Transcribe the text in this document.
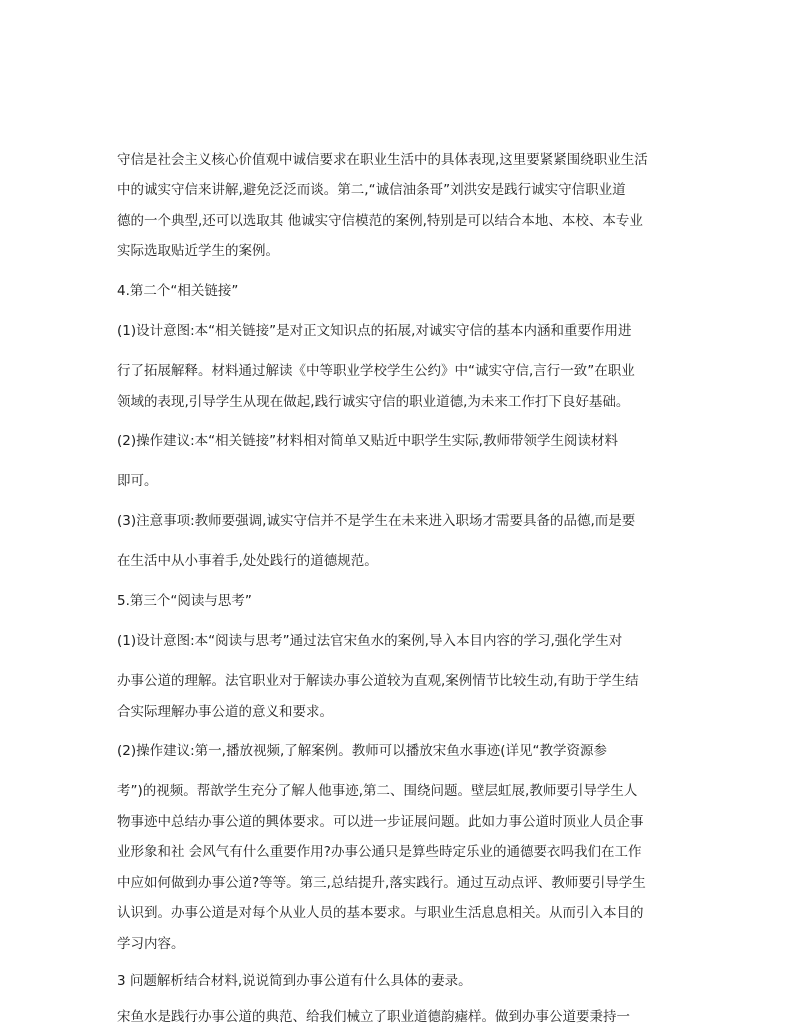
守信是社会主义核心价值观中诚信要求在职业生活中的具体表现,这里要紧紧围绕职业生活
中的诚实守信来讲解,避免泛泛而谈。第二,“诚信油条哥”刘洪安是践行诚实守信职业道
德的一个典型,还可以选取其 他诚实守信模范的案例,特别是可以结合本地、本校、本专业
实际选取贴近学生的案例。
4.第二个“相关链接”
(1)设计意图:本“相关链接”是对正文知识点的拓展,对诚实守信的基本内涵和重要作用进
行了拓展解释。材料通过解读《中等职业学校学生公约》中“诚实守信,言行一致”在职业
领域的表现,引导学生从现在做起,践行诚实守信的职业道德,为未来工作打下良好基础。
(2)操作建议:本“相关链接”材料相对简单又贴近中职学生实际,教师带领学生阅读材料
即可。
(3)注意事项:教师要强调,诚实守信并不是学生在未来进入职场才需要具备的品德,而是要
在生活中从小事着手,处处践行的道德规范。
5.第三个“阅读与思考”
(1)设计意图:本“阅读与思考”通过法官宋鱼水的案例,导入本目内容的学习,强化学生对
办事公道的理解。法官职业对于解读办事公道较为直观,案例情节比较生动,有助于学生结
合实际理解办事公道的意义和要求。
(2)操作建议:第一,播放视频,了解案例。教师可以播放宋鱼水事迹(详见“教学资源参
考”)的视频。帮歆学生充分了解人他事迹,第二、围绕问题。壁层虹展,教师要引导学生人
物事迹中总结办事公道的興体要求。可以进一步证展问题。此如力事公道时顶业人员企事
业形象和社 会风气有什么重要作用?办事公通只是算些時定乐业的通德要衣吗我们在工作
中应如何做到办事公道?等等。第三,总结提升,落实践行。通过互动点评、教师要引导学生
认识到。办事公道是对每个从业人员的基本要求。与职业生活息息相关。从而引入本目的
学习内容。
3 问题解析结合材料,说说简到办事公道有什么具体的妻录。
宋鱼水是践行办事公道的典范、给我们械立了职业道德韵瘧样。做到办事公道要秉持一
